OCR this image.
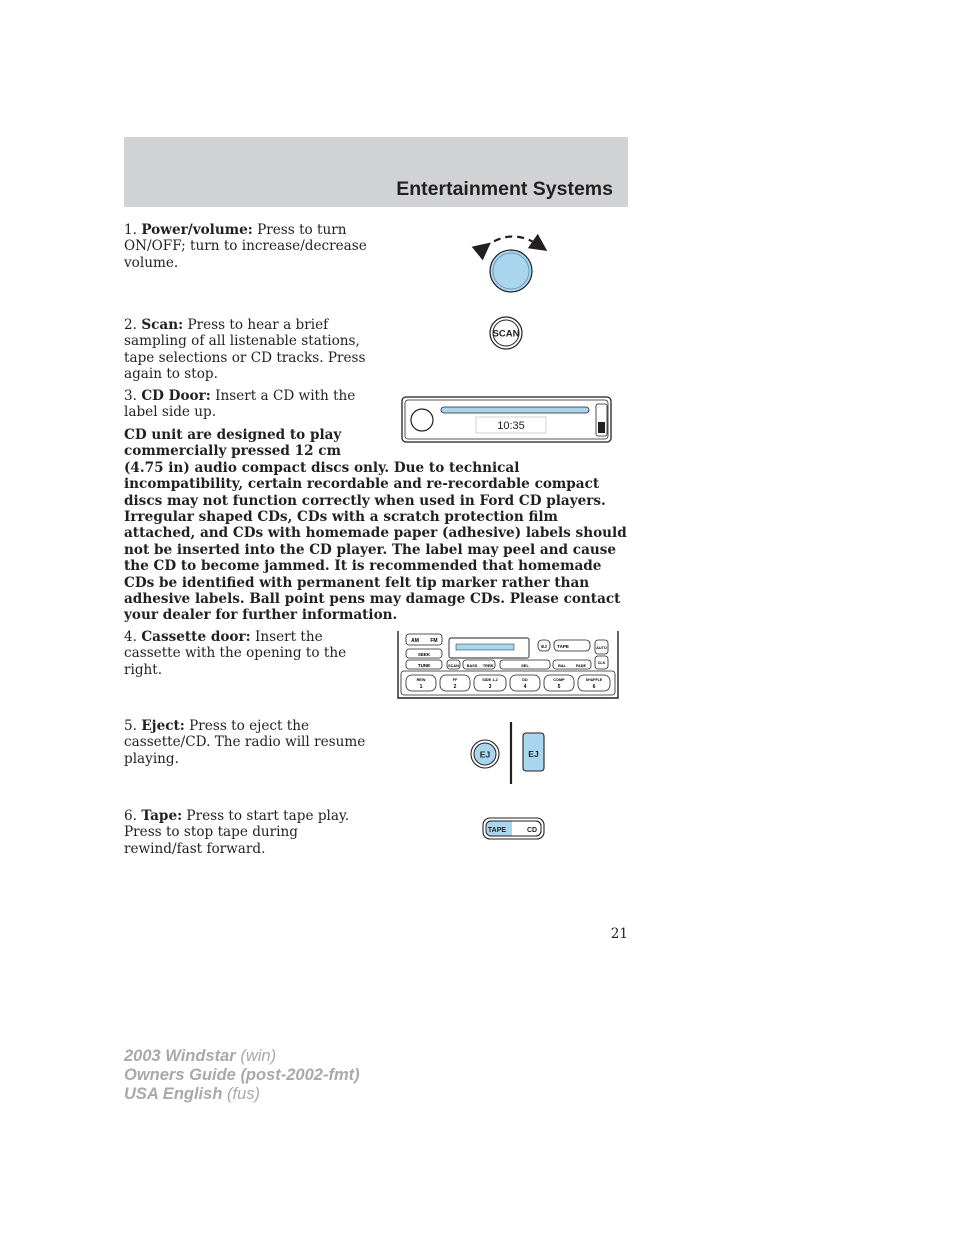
Entertainment Systems
1. Power/volume: Press to turn
ON/OFF; turn to increase/decrease
volume.
2. Scan: Press to hear a brief
sampling of all listenable stations,
tape selections or CD tracks. Press
again to stop.
3. CD Door: Insert a CD with the
label side up.
CD unit are designed to play
commercially pressed 12 cm
(4.75 in) audio compact discs only. Due to technical
incompatibility, certain recordable and re-recordable compact
discs may not function correctly when used in Ford CD players.
Irregular shaped CDs, CDs with a scratch protection film
attached, and CDs with homemade paper (adhesive) labels should
not be inserted into the CD player. The label may peel and cause
the CD to become jammed. It is recommended that homemade
CDs be identified with permanent felt tip marker rather than
adhesive labels. Ball point pens may damage CDs. Please contact
your dealer for further information.
4. Cassette door: Insert the
cassette with the opening to the
right.
5. Eject: Press to eject the
cassette/CD. The radio will resume
playing.
6. Tape: Press to start tape play.
Press to stop tape during
rewind/fast forward.
SCAN
10:35
AM FM
SEEK
TUNE
EJ TAPE	AUTO
CLK
SCAN BASS TREB	SEL	BAL	FADE
REW
1
FF
2
SIDE 1-2
3
DD
4
COMP
5
SHUFFLE
6
EJ	EJ
TAPE	CD
21
2003 Windstar (win)
Owners Guide (post-2002-fmt)
USA English (fus)
